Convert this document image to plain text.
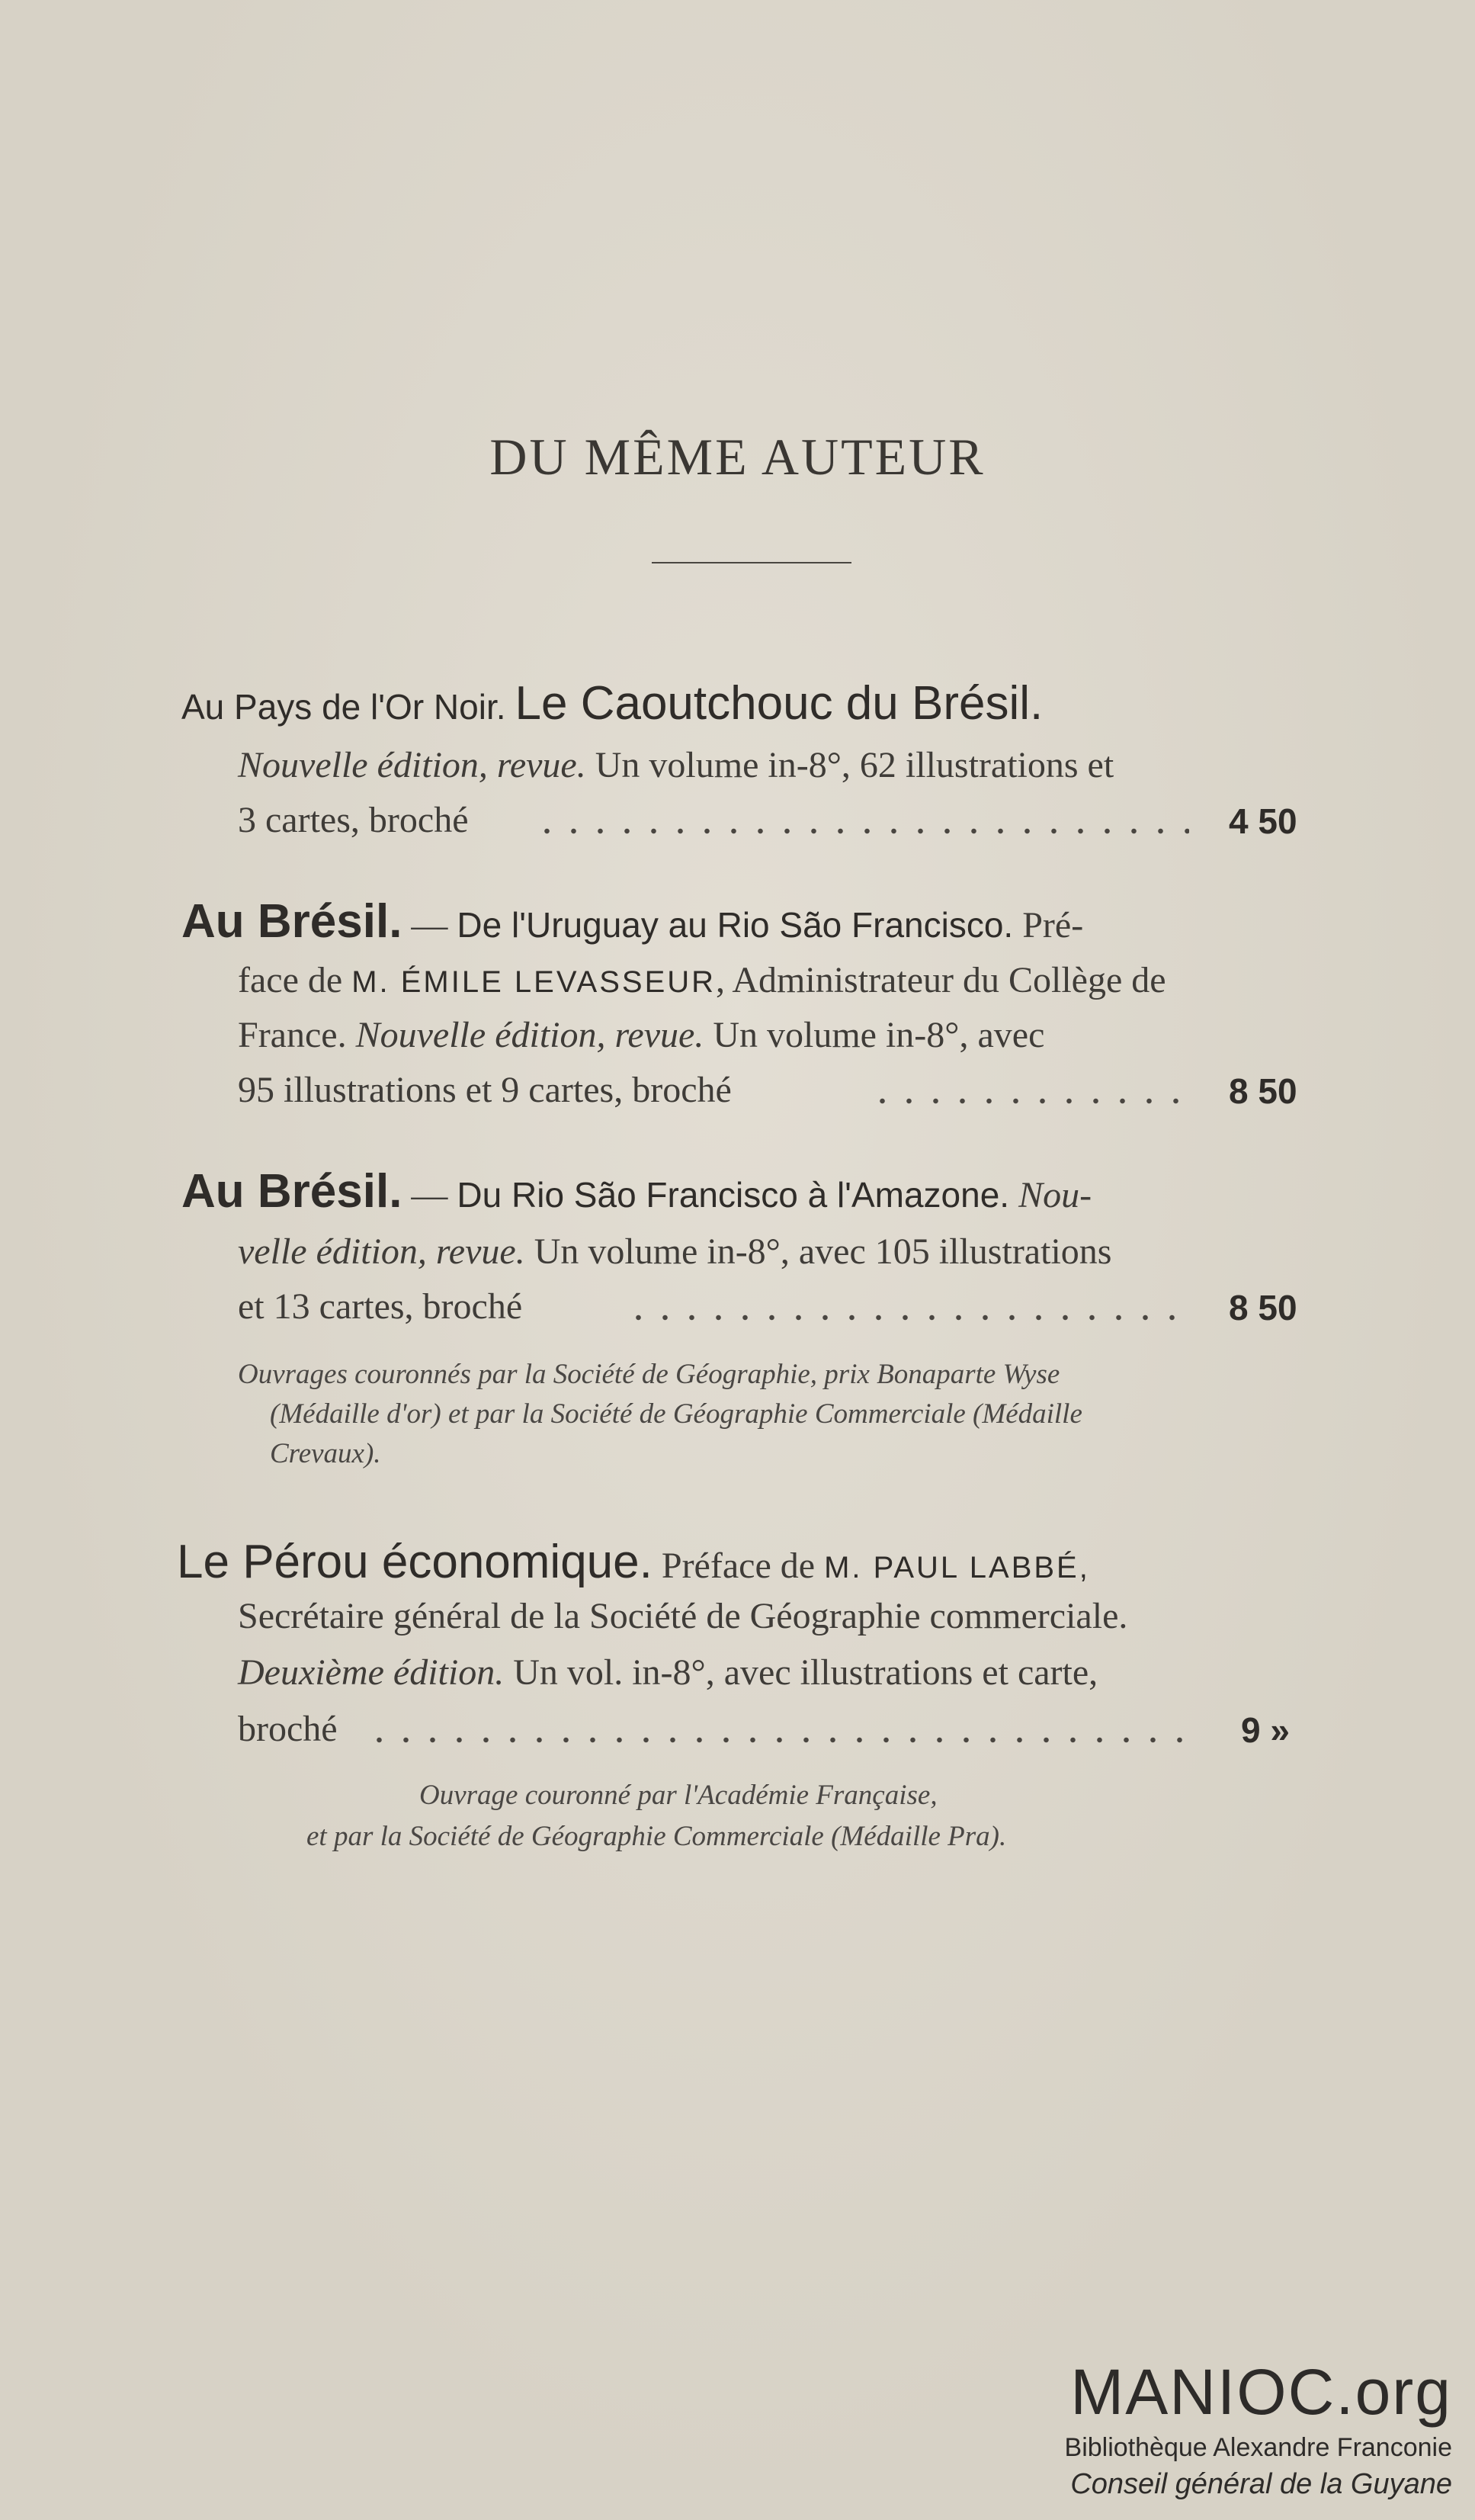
DU MÊME AUTEUR
Au Pays de l'Or Noir. Le Caoutchouc du Brésil.
Nouvelle édition, revue. Un volume in-8°, 62 illustrations et
3 cartes, broché	4 50
Au Brésil. — De l'Uruguay au Rio São Francisco. Pré-
face de M. ÉMILE LEVASSEUR, Administrateur du Collège de
France. Nouvelle édition, revue. Un volume in-8°, avec
95 illustrations et 9 cartes, broché	8 50
Au Brésil. — Du Rio São Francisco à l'Amazone. Nou-
velle édition, revue. Un volume in-8°, avec 105 illustrations
et 13 cartes, broché	8 50
Ouvrages couronnés par la Société de Géographie, prix Bonaparte Wyse
(Médaille d'or) et par la Société de Géographie Commerciale (Médaille
Crevaux).
Le Pérou économique. Préface de M. PAUL LABBÉ,
Secrétaire général de la Société de Géographie commerciale.
Deuxième édition. Un vol. in-8°, avec illustrations et carte,
broché	9 »
Ouvrage couronné par l'Académie Française,
et par la Société de Géographie Commerciale (Médaille Pra).
MANIOC.org
Bibliothèque Alexandre Franconie
Conseil général de la Guyane
